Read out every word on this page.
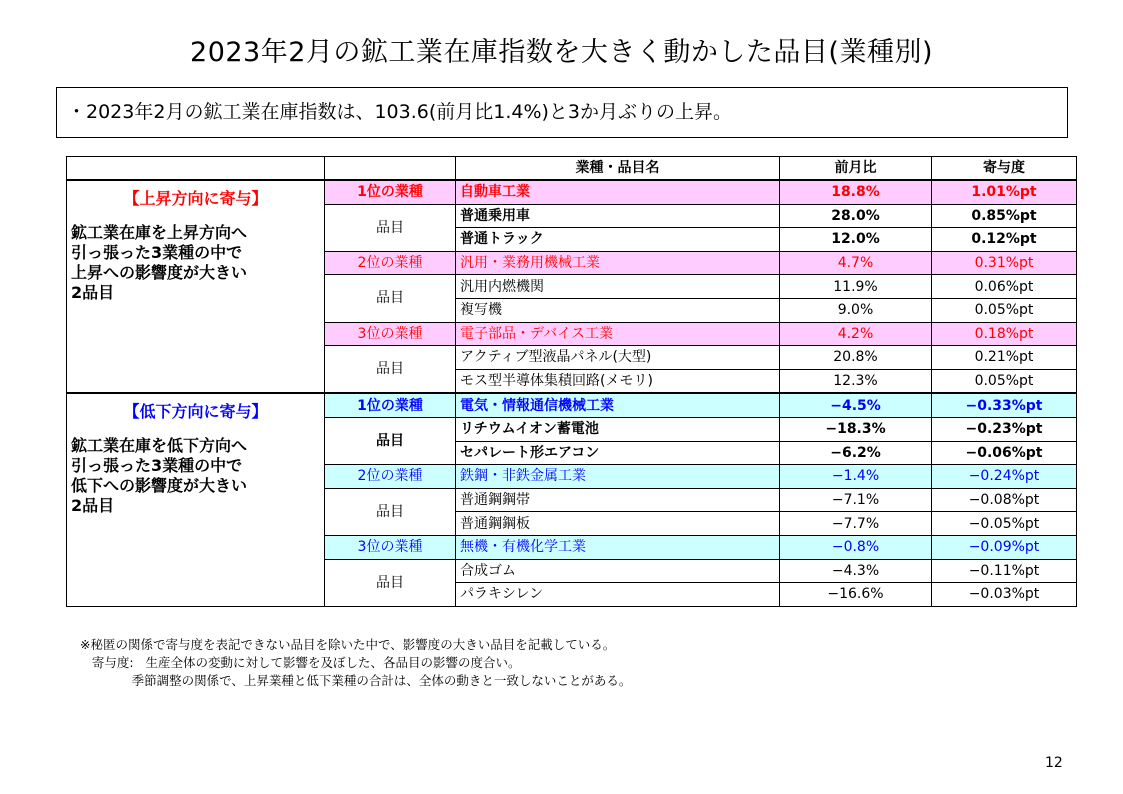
2023年2月の鉱工業在庫指数を大きく動かした品目(業種別)
・2023年2月の鉱工業在庫指数は、103.6(前月比1.4%)と3か月ぶりの上昇。
		業種・品目名	前月比	寄与度

【上昇方向に寄与】
鉱工業在庫を上昇方向へ
引っ張った3業種の中で
上昇への影響度が大きい
2品目	1位の業種	自動車工業	18.8%	1.01%pt
	品目	普通乗用車	28.0%	0.85%pt
		普通トラック	12.0%	0.12%pt
	2位の業種	汎用・業務用機械工業	4.7%	0.31%pt
	品目	汎用内燃機関	11.9%	0.06%pt
		複写機	9.0%	0.05%pt
	3位の業種	電子部品・デバイス工業	4.2%	0.18%pt
	品目	アクティブ型液晶パネル(大型)	20.8%	0.21%pt
		モス型半導体集積回路(メモリ)	12.3%	0.05%pt

【低下方向に寄与】
鉱工業在庫を低下方向へ
引っ張った3業種の中で
低下への影響度が大きい
2品目	1位の業種	電気・情報通信機械工業	−4.5%	−0.33%pt
	品目	リチウムイオン蓄電池	−18.3%	−0.23%pt
		セパレート形エアコン	−6.2%	−0.06%pt
	2位の業種	鉄鋼・非鉄金属工業	−1.4%	−0.24%pt
	品目	普通鋼鋼帯	−7.1%	−0.08%pt
		普通鋼鋼板	−7.7%	−0.05%pt
	3位の業種	無機・有機化学工業	−0.8%	−0.09%pt
	品目	合成ゴム	−4.3%	−0.11%pt
		パラキシレン	−16.6%	−0.03%pt
※秘匿の関係で寄与度を表記できない品目を除いた中で、影響度の大きい品目を記載している。
寄与度:   生産全体の変動に対して影響を及ぼした、各品目の影響の度合い。
季節調整の関係で、上昇業種と低下業種の合計は、全体の動きと一致しないことがある。
12
